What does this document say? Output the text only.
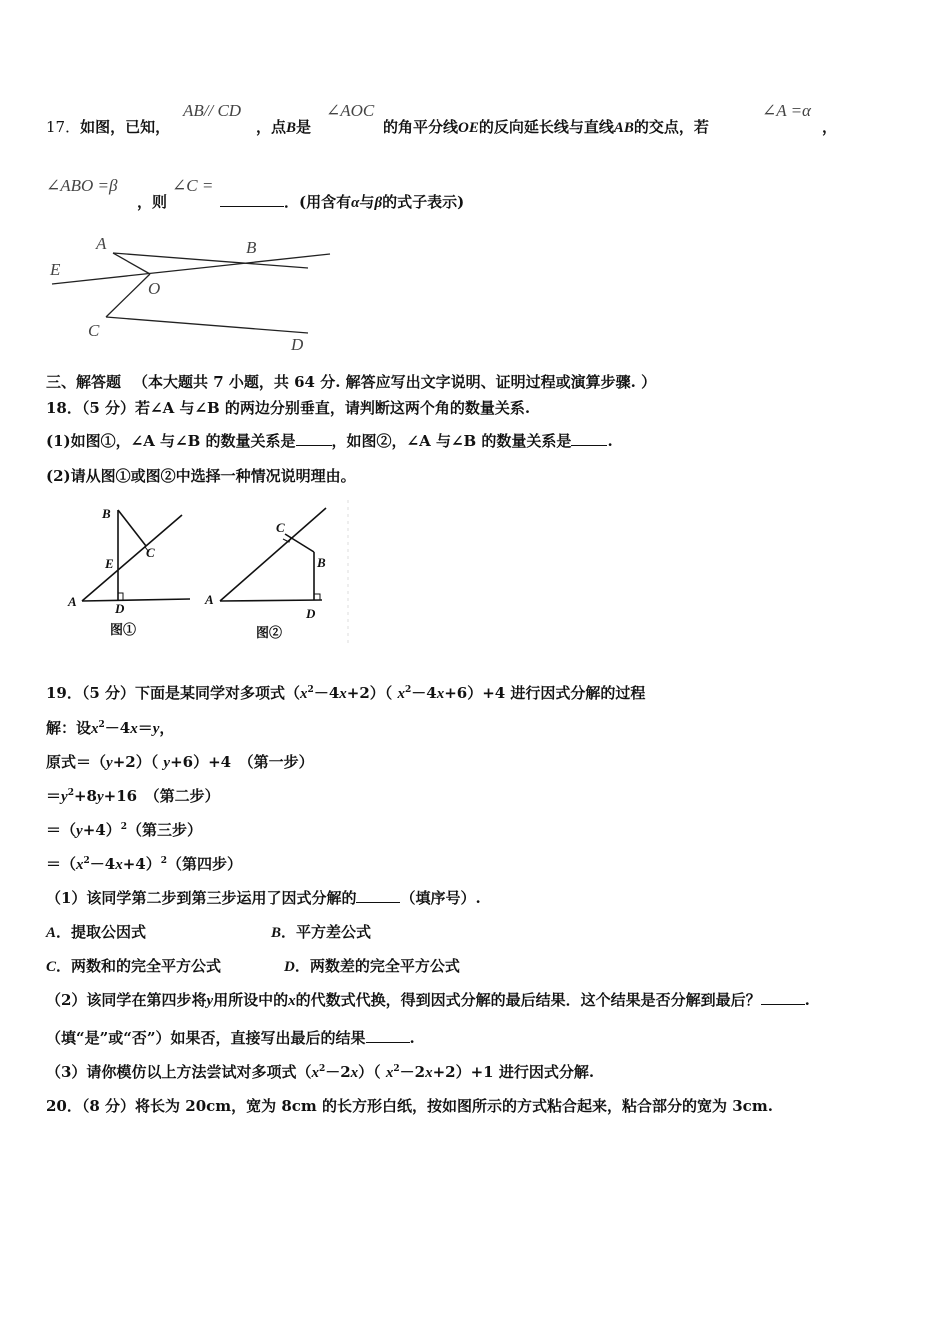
17．如图，已知，
AB// CD
，点B是
∠AOC
的角平分线OE的反向延长线与直线AB的交点，若
∠A =α
，
∠ABO =β
，则
∠C =
．(用含有α与β的式子表示)
A	B
E
O
C
D
三、解答题 （本大题共 7 小题，共 64 分. 解答应写出文字说明、证明过程或演算步骤. ）
18．（5 分）若∠A 与∠B 的两边分别垂直，请判断这两个角的数量关系.
(1)如图①，∠A 与∠B 的数量关系是 ，如图②，∠A 与∠B 的数量关系是 .
(2)请从图①或图②中选择一种情况说明理由。
B
C
E
A	D
C
B
A
D
图①	图②
19．（5 分）下面是某同学对多项式$(x^2-4x+2)$（ $x^2-4x+6)+4$ 进行因式分解的过程
解：设$x^2-4x=y$，
原式＝（y+2）（ y+6）+4　（第一步）
$=y^2+8y+16$　（第二步）
$=(y+4)^2$（第三步）
$=(x^2-4x+4)^2$（第四步）
（1）该同学第二步到第三步运用了因式分解的	（填序号）.
A．提取公因式	B．平方差公式
C．两数和的完全平方公式	D．两数差的完全平方公式
（2）该同学在第四步将y用所设中的x的代数式代换，得到因式分解的最后结果．这个结果是否分解到最后？	.
（填“是”或“否”）如果否，直接写出最后的结果	.
（3）请你模仿以上方法尝试对多项式$(x^2-2x)$（ $x^2-2x+2)+1$ 进行因式分解.
20．（8 分）将长为 20cm，宽为 8cm 的长方形白纸，按如图所示的方式粘合起来，粘合部分的宽为 3cm.
